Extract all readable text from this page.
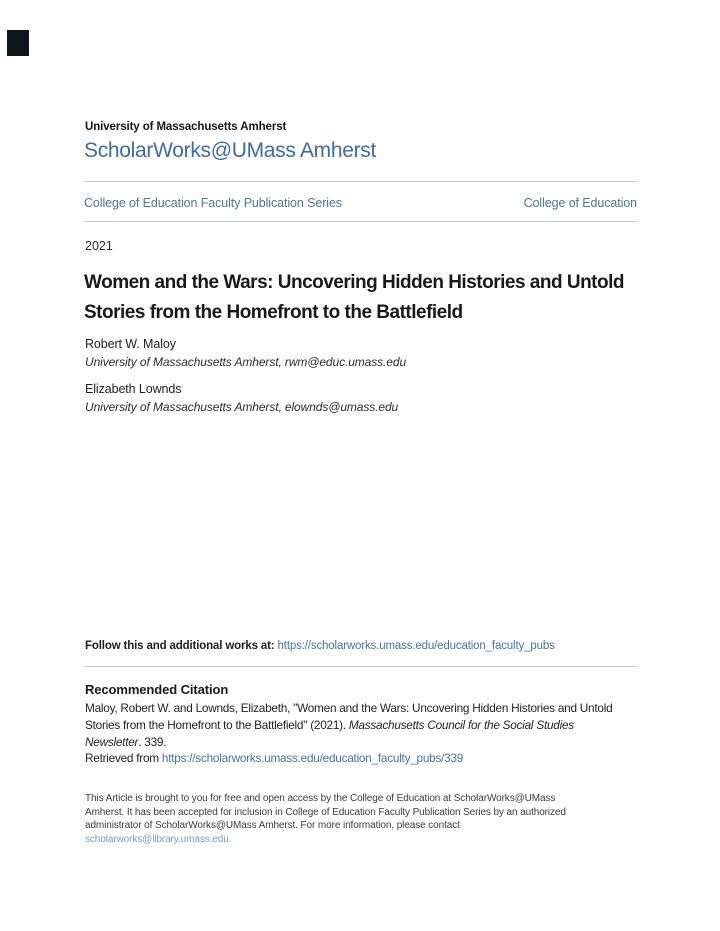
University of Massachusetts Amherst
ScholarWorks@UMass Amherst
College of Education Faculty Publication Series	College of Education
2021
Women and the Wars: Uncovering Hidden Histories and Untold
Stories from the Homefront to the Battlefield
Robert W. Maloy
University of Massachusetts Amherst, rwm@educ.umass.edu
Elizabeth Lownds
University of Massachusetts Amherst, elownds@umass.edu
Follow this and additional works at: https://scholarworks.umass.edu/education_faculty_pubs
Recommended Citation
Maloy, Robert W. and Lownds, Elizabeth, "Women and the Wars: Uncovering Hidden Histories and Untold
Stories from the Homefront to the Battlefield" (2021). Massachusetts Council for the Social Studies
Newsletter. 339.
Retrieved from https://scholarworks.umass.edu/education_faculty_pubs/339
This Article is brought to you for free and open access by the College of Education at ScholarWorks@UMass
Amherst. It has been accepted for inclusion in College of Education Faculty Publication Series by an authorized
administrator of ScholarWorks@UMass Amherst. For more information, please contact
scholarworks@library.umass.edu.
